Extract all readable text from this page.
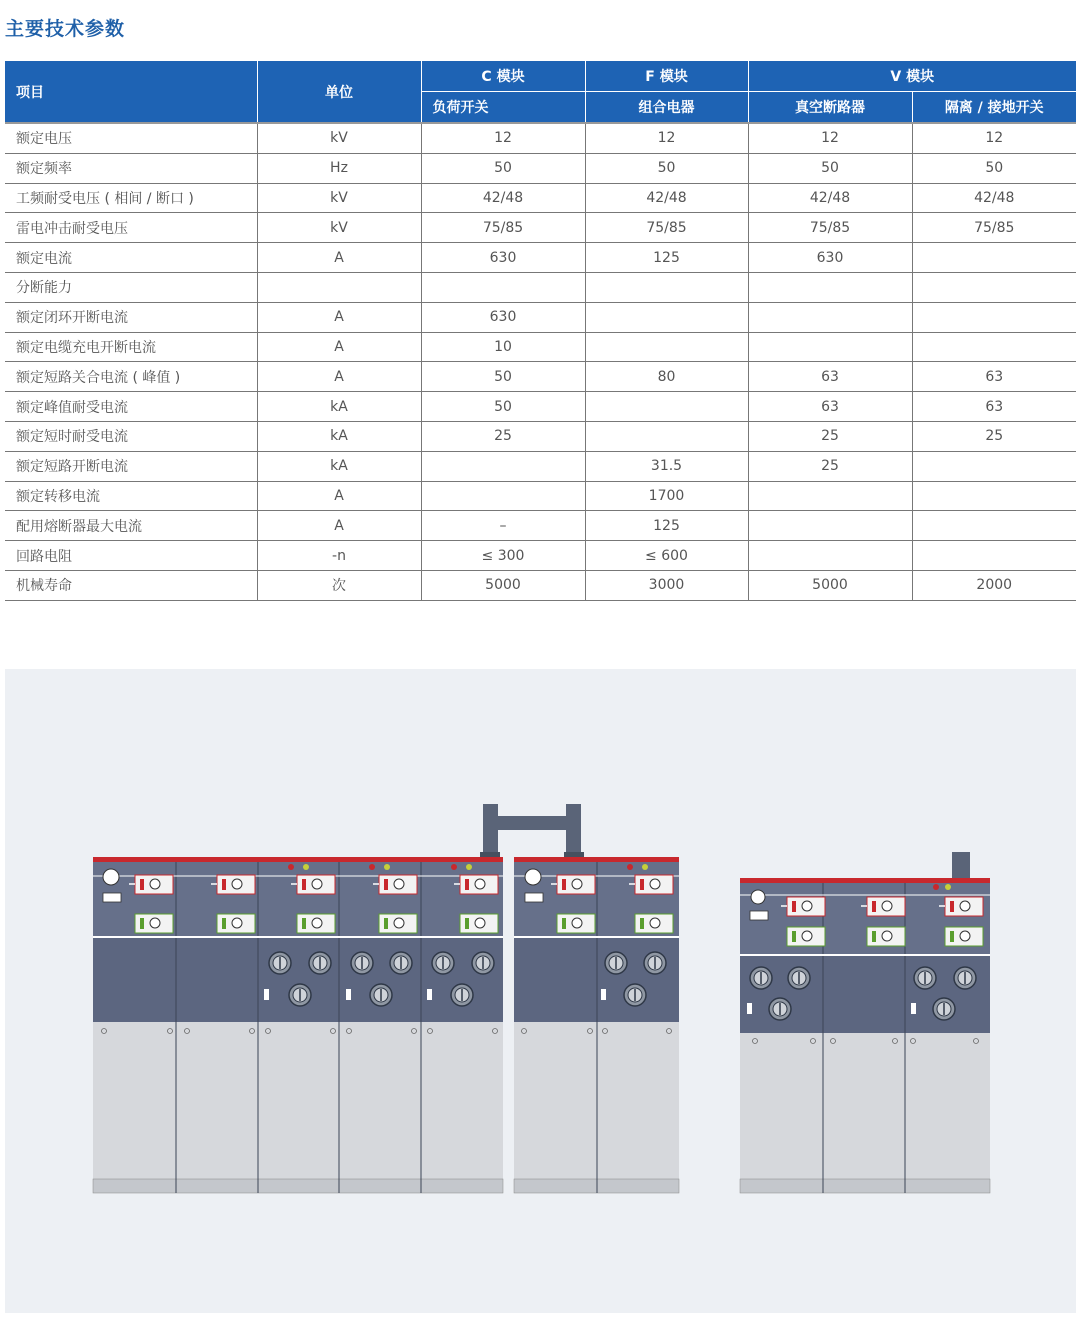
主要技术参数
项目	单位	C 模块	F 模块	V 模块	
		负荷开关	组合电器	真空断路器	隔离 / 接地开关
额定电压	kV	12	12	12	12
额定频率	Hz	50	50	50	50
工频耐受电压 ( 相间 / 断口 )	kV	42/48	42/48	42/48	42/48
雷电冲击耐受电压	kV	75/85	75/85	75/85	75/85
额定电流	A	630	125	630	
分断能力					
额定闭环开断电流	A	630			
额定电缆充电开断电流	A	10			
额定短路关合电流 ( 峰值 )	A	50	80	63	63
额定峰值耐受电流	kA	50		63	63
额定短时耐受电流	kA	25		25	25
额定短路开断电流	kA		31.5	25	
额定转移电流	A		1700		
配用熔断器最大电流	A	–	125		
回路电阻	-n	≤ 300	≤ 600		
机械寿命	次	5000	3000	5000	2000
